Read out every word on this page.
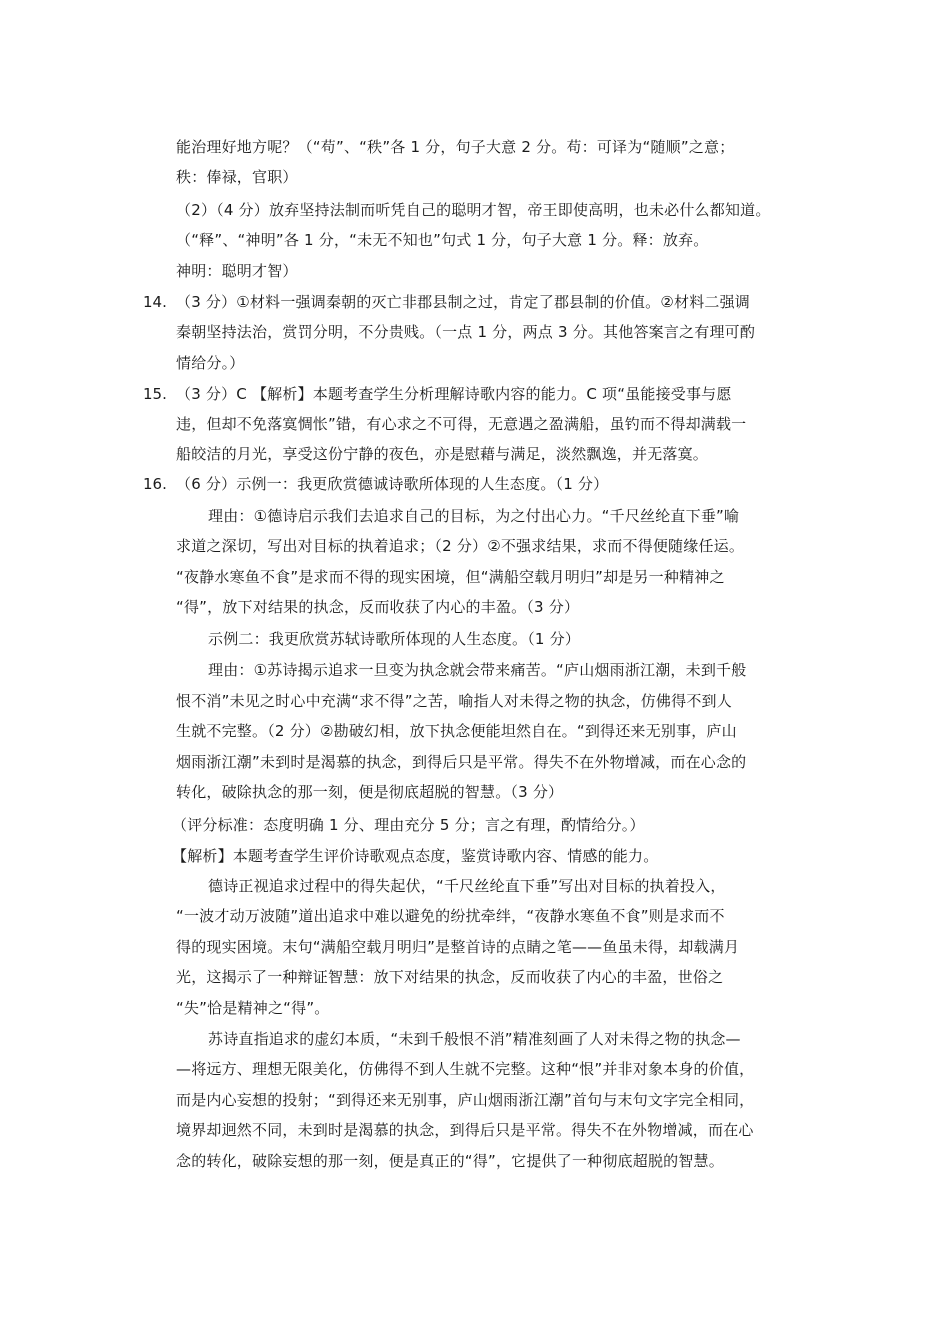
14.
15.
16.
能治理好地方呢？（“苟”、“秩”各 1 分，句子大意 2 分。苟：可译为“随顺”之意；
秩：俸禄，官职）
（2）（4 分）放弃坚持法制而听凭自己的聪明才智，帝王即使高明，也未必什么都知道。
（“释”、“神明”各 1 分，“未无不知也”句式 1 分，句子大意 1 分。释：放弃。
神明：聪明才智）
（3 分）①材料一强调秦朝的灭亡非郡县制之过，肯定了郡县制的价值。②材料二强调
秦朝坚持法治，赏罚分明，不分贵贱。（一点 1 分，两点 3 分。其他答案言之有理可酌
情给分。）
（3 分）C 【解析】本题考查学生分析理解诗歌内容的能力。C 项“虽能接受事与愿
违，但却不免落寞惆怅”错，有心求之不可得，无意遇之盈满船，虽钓而不得却满载一
船皎洁的月光，享受这份宁静的夜色，亦是慰藉与满足，淡然飘逸，并无落寞。
（6 分）示例一：我更欣赏德诚诗歌所体现的人生态度。（1 分）
理由：①德诗启示我们去追求自己的目标，为之付出心力。“千尺丝纶直下垂”喻
求道之深切，写出对目标的执着追求；（2 分）②不强求结果，求而不得便随缘任运。
“夜静水寒鱼不食”是求而不得的现实困境，但“满船空载月明归”却是另一种精神之
“得”，放下对结果的执念，反而收获了内心的丰盈。（3 分）
示例二：我更欣赏苏轼诗歌所体现的人生态度。（1 分）
理由：①苏诗揭示追求一旦变为执念就会带来痛苦。“庐山烟雨浙江潮，未到千般
恨不消”未见之时心中充满“求不得”之苦，喻指人对未得之物的执念，仿佛得不到人
生就不完整。（2 分）②勘破幻相，放下执念便能坦然自在。“到得还来无别事，庐山
烟雨浙江潮”未到时是渴慕的执念，到得后只是平常。得失不在外物增减，而在心念的
转化，破除执念的那一刻，便是彻底超脱的智慧。（3 分）
（评分标准：态度明确 1 分、理由充分 5 分；言之有理，酌情给分。）
【解析】本题考查学生评价诗歌观点态度，鉴赏诗歌内容、情感的能力。
德诗正视追求过程中的得失起伏，“千尺丝纶直下垂”写出对目标的执着投入，
“一波才动万波随”道出追求中难以避免的纷扰牵绊，“夜静水寒鱼不食”则是求而不
得的现实困境。末句“满船空载月明归”是整首诗的点睛之笔——鱼虽未得，却载满月
光，这揭示了一种辩证智慧：放下对结果的执念，反而收获了内心的丰盈，世俗之
“失”恰是精神之“得”。
苏诗直指追求的虚幻本质，“未到千般恨不消”精准刻画了人对未得之物的执念—
—将远方、理想无限美化，仿佛得不到人生就不完整。这种“恨”并非对象本身的价值，
而是内心妄想的投射；“到得还来无别事，庐山烟雨浙江潮”首句与末句文字完全相同，
境界却迥然不同，未到时是渴慕的执念，到得后只是平常。得失不在外物增减，而在心
念的转化，破除妄想的那一刻，便是真正的“得”，它提供了一种彻底超脱的智慧。
